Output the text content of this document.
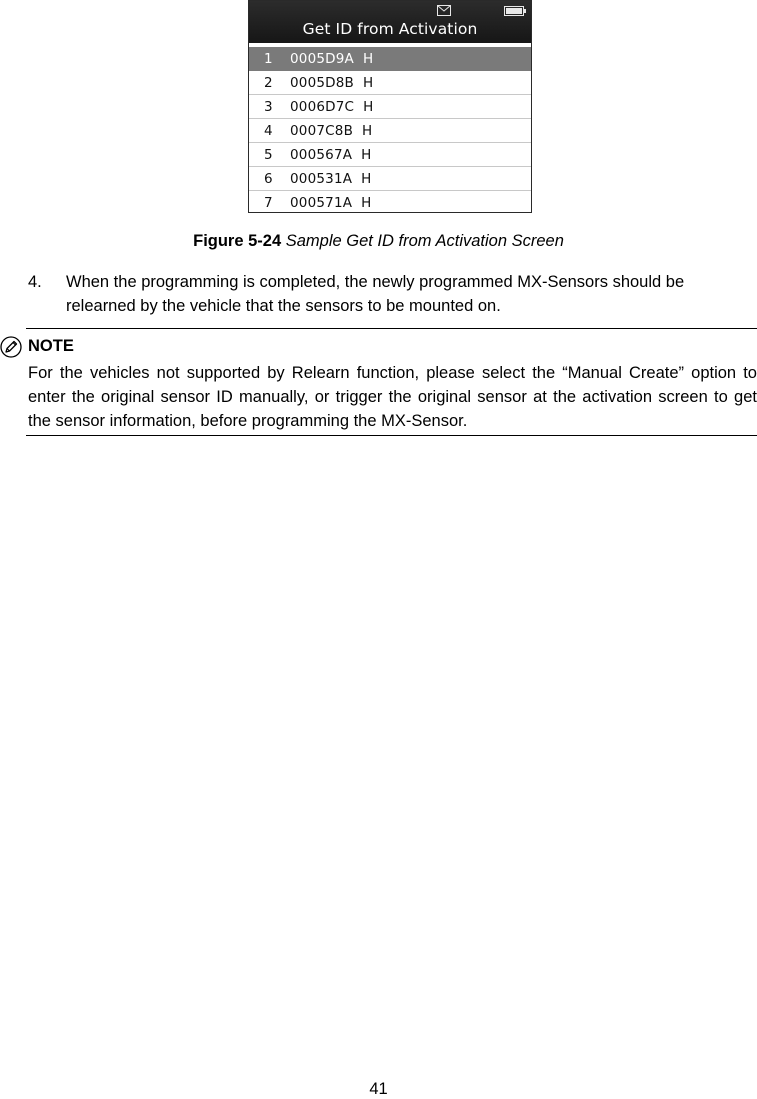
Get ID from Activation
1 0005D9A  H
2 0005D8B  H
3 0006D7C  H
4 0007C8B  H
5 000567A  H
6 000531A  H
7 000571A  H
Figure 5-24 Sample Get ID from Activation Screen
4. When the programming is completed, the newly programmed MX-Sensors should be relearned by the vehicle that the sensors to be mounted on.
NOTE
For the vehicles not supported by Relearn function, please select the “Manual Create” option to enter the original sensor ID manually, or trigger the original sensor at the activation screen to get the sensor information, before programming the MX-Sensor.
41
